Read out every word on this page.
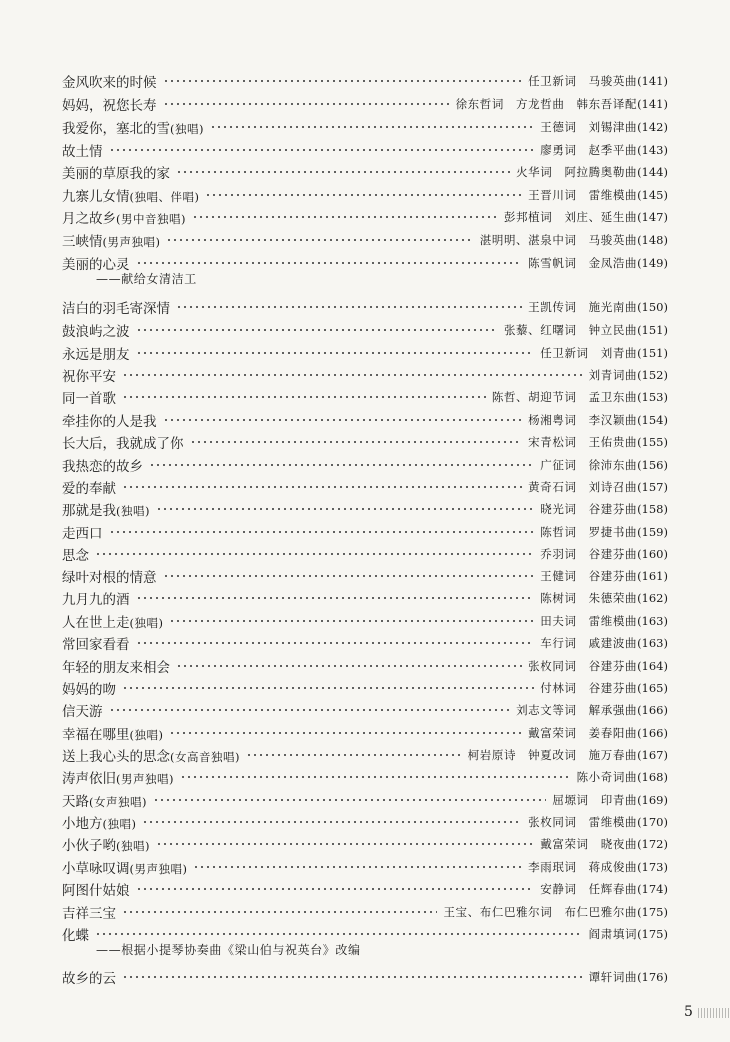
金风吹来的时候	任卫新词　马骏英曲 (141)
妈妈，祝您长寿	徐东哲词　方龙哲曲　韩东吾译配 (141)
我爱你，塞北的雪(独唱)	王德词　刘锡津曲 (142)
故土情	廖勇词　赵季平曲 (143)
美丽的草原我的家	火华词　阿拉腾奥勒曲 (144)
九寨儿女情(独唱、伴唱)	王晋川词　雷维模曲 (145)
月之故乡(男中音独唱)	彭邦植词　刘庄、延生曲 (147)
三峡情(男声独唱)	湛明明、湛泉中词　马骏英曲 (148)
美丽的心灵	陈雪帆词　金凤浩曲 (149)
洁白的羽毛寄深情	王凯传词　施光南曲 (150)
鼓浪屿之波	张藜、红曙词　钟立民曲 (151)
永远是朋友	任卫新词　刘青曲 (151)
祝你平安	刘青词曲 (152)
同一首歌	陈哲、胡迎节词　孟卫东曲 (153)
牵挂你的人是我	杨湘粤词　李汉颖曲 (154)
长大后，我就成了你	宋青松词　王佑贵曲 (155)
我热恋的故乡	广征词　徐沛东曲 (156)
爱的奉献	黄奇石词　刘诗召曲 (157)
那就是我(独唱)	晓光词　谷建芬曲 (158)
走西口	陈哲词　罗捷书曲 (159)
思念	乔羽词　谷建芬曲 (160)
绿叶对根的情意	王健词　谷建芬曲 (161)
九月九的酒	陈树词　朱德荣曲 (162)
人在世上走(独唱)	田夫词　雷维模曲 (163)
常回家看看	车行词　戚建波曲 (163)
年轻的朋友来相会	张枚同词　谷建芬曲 (164)
妈妈的吻	付林词　谷建芬曲 (165)
信天游	刘志文等词　解承强曲 (166)
幸福在哪里(独唱)	戴富荣词　姜春阳曲 (166)
送上我心头的思念(女高音独唱)	柯岩原诗　钟夏改词　施万春曲 (167)
涛声依旧(男声独唱)	陈小奇词曲 (168)
天路(女声独唱)	屈塬词　印青曲 (169)
小地方(独唱)	张枚同词　雷维模曲 (170)
小伙子哟(独唱)	戴富荣词　晓夜曲 (172)
小草咏叹调(男声独唱)	李雨珉词　蒋成俊曲 (173)
阿图什姑娘	安静词　任辉春曲 (174)
吉祥三宝	王宝、布仁巴雅尔词　布仁巴雅尔曲 (175)
化蝶	阎肃填词 (175)
故乡的云	谭轩词曲 (176)
——献给女清洁工
——根据小提琴协奏曲《梁山伯与祝英台》改编
5
